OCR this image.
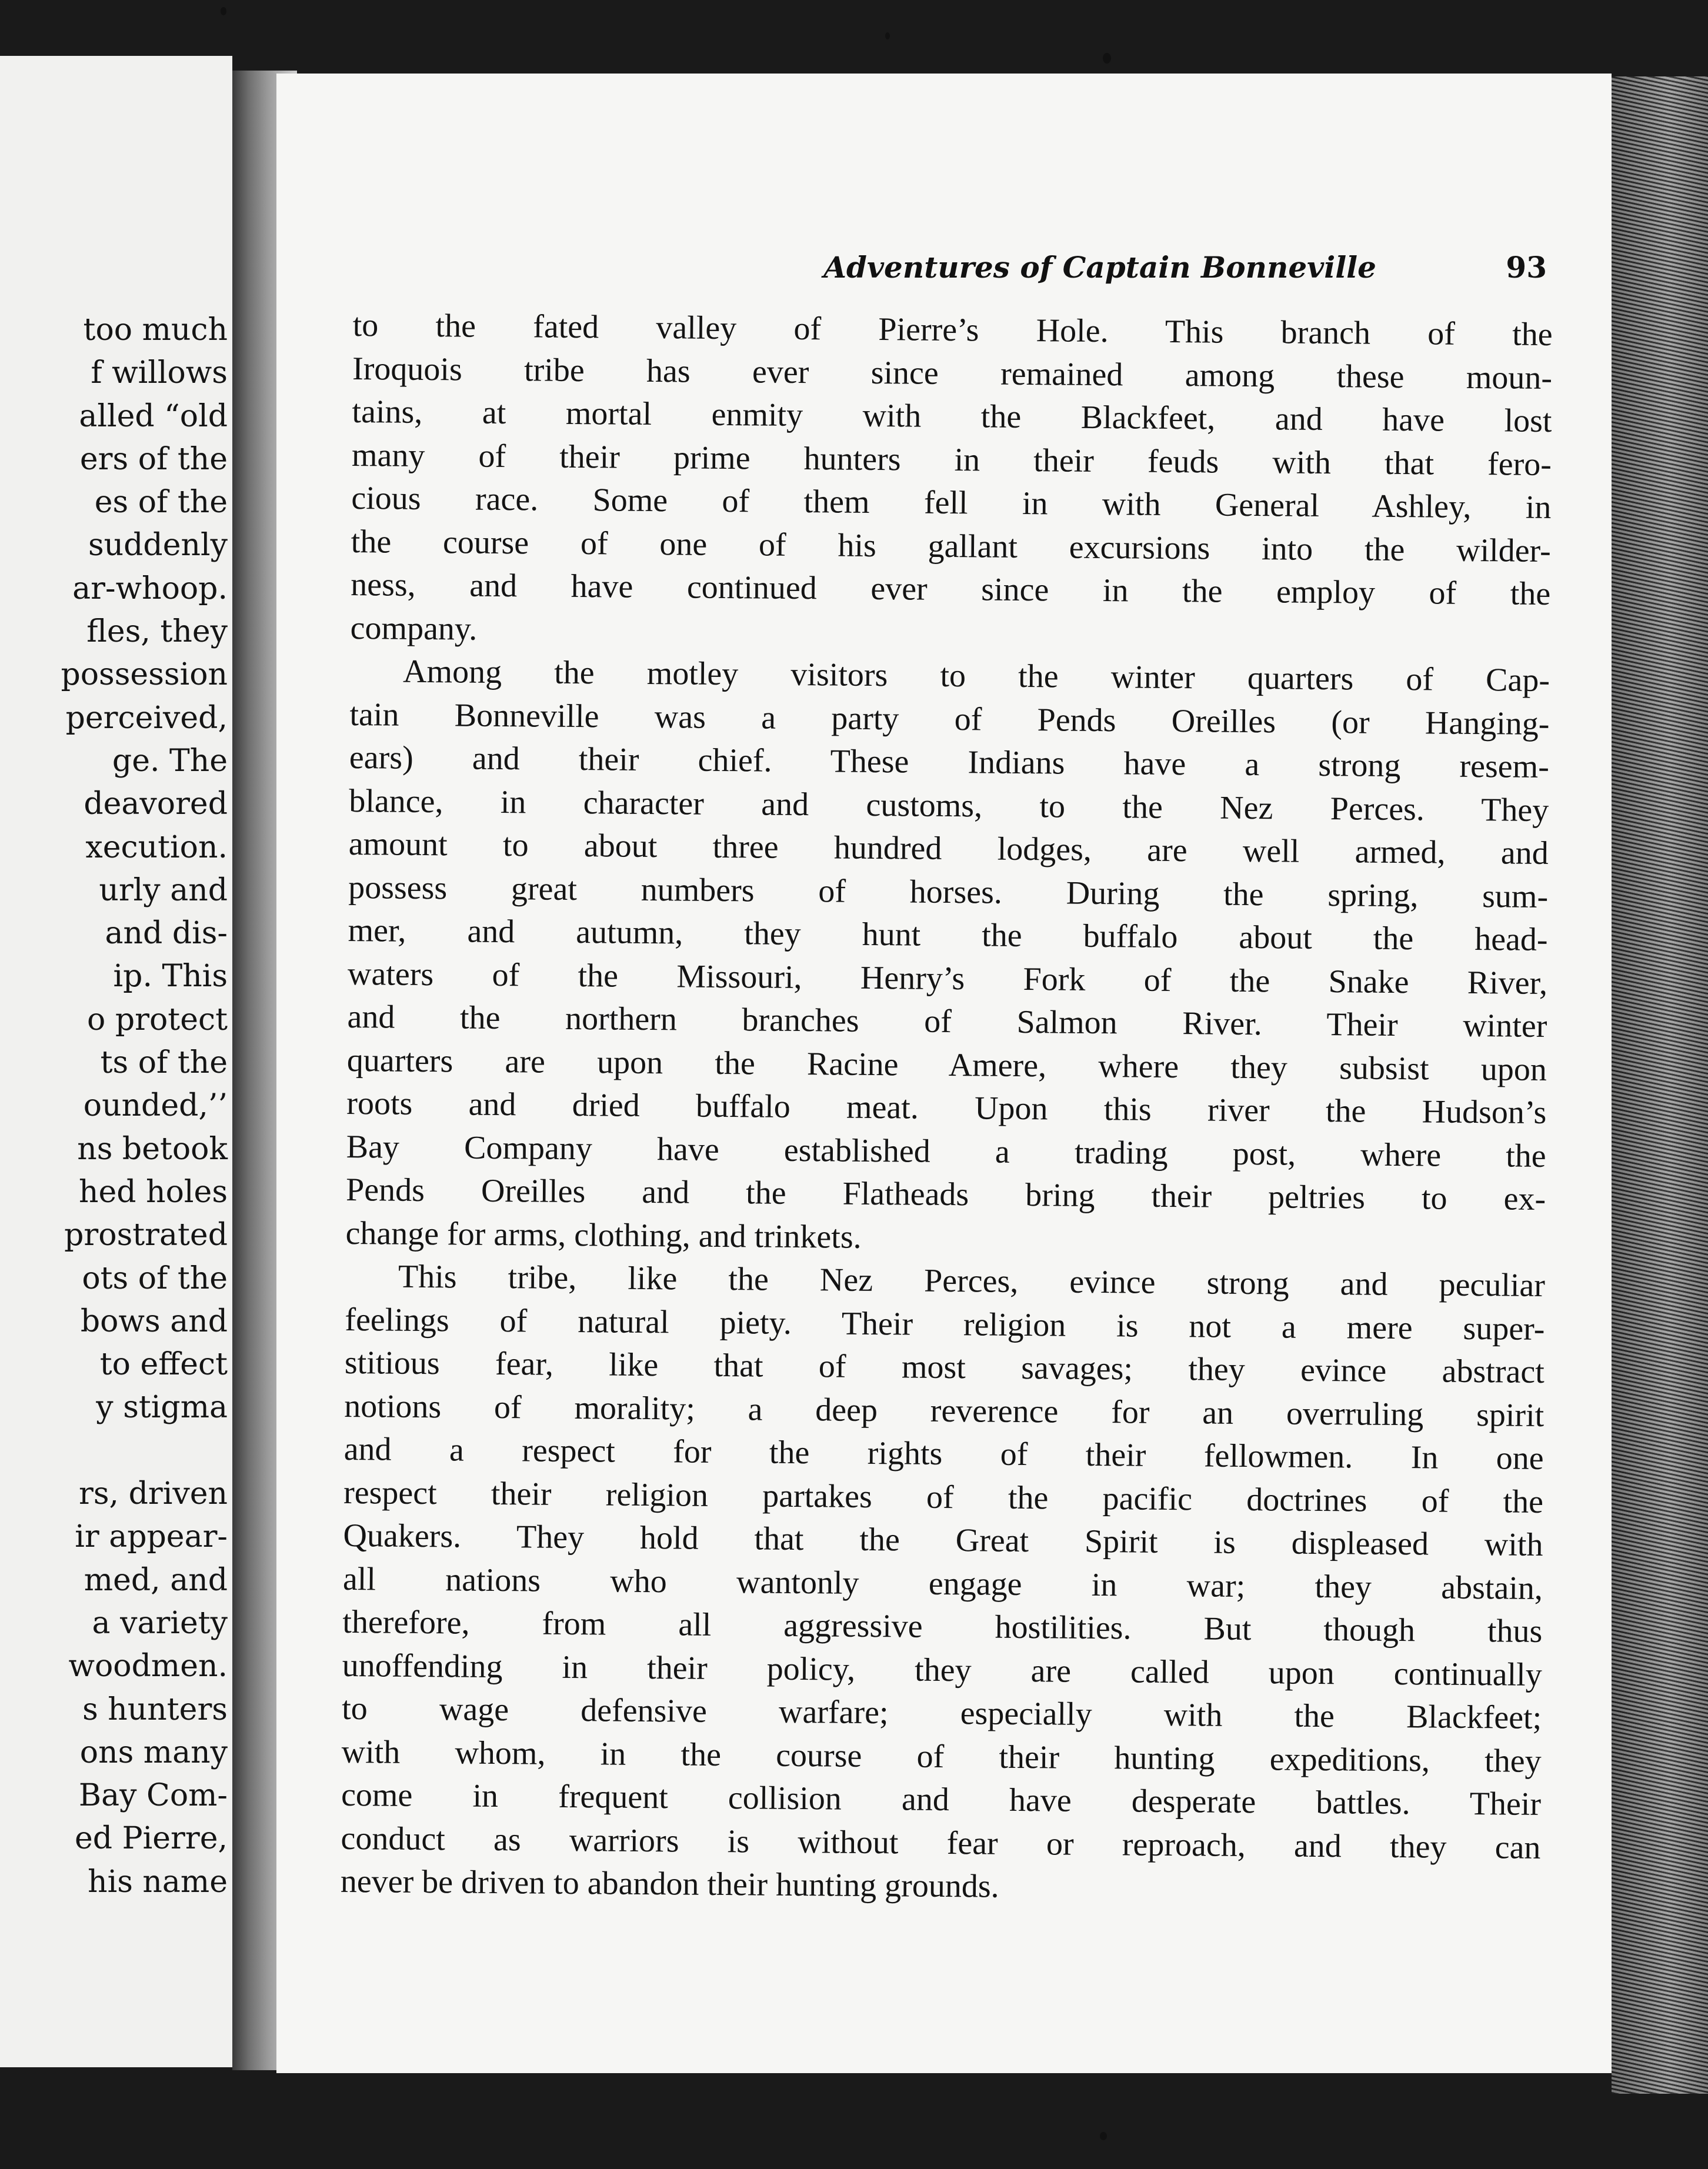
too much
f willows
alled “old
ers of the
es of the
suddenly
ar-whoop.
fles, they
possession
perceived,
ge. The
deavored
xecution.
urly and
and dis-
ip. This
o protect
ts of the
ounded,’’
ns betook
hed holes
prostrated
ots of the
bows and
to effect
y stigma

rs, driven
ir appear-
med, and
a variety
woodmen.
s hunters
ons many
Bay Com-
ed Pierre,
his name
Adventures of Captain Bonneville	93

to the fated valley of Pierre’s Hole. This branch of the
Iroquois tribe has ever since remained among these moun-
tains, at mortal enmity with the Blackfeet, and have lost
many of their prime hunters in their feuds with that fero-
cious race. Some of them fell in with General Ashley, in
the course of one of his gallant excursions into the wilder-
ness, and have continued ever since in the employ of the
company.

Among the motley visitors to the winter quarters of Cap-
tain Bonneville was a party of Pends Oreilles (or Hanging-
ears) and their chief. These Indians have a strong resem-
blance, in character and customs, to the Nez Perces. They
amount to about three hundred lodges, are well armed, and
possess great numbers of horses. During the spring, sum-
mer, and autumn, they hunt the buffalo about the head-
waters of the Missouri, Henry’s Fork of the Snake River,
and the northern branches of Salmon River. Their winter
quarters are upon the Racine Amere, where they subsist upon
roots and dried buffalo meat. Upon this river the Hudson’s
Bay Company have established a trading post, where the
Pends Oreilles and the Flatheads bring their peltries to ex-
change for arms, clothing, and trinkets.

This tribe, like the Nez Perces, evince strong and peculiar
feelings of natural piety. Their religion is not a mere super-
stitious fear, like that of most savages; they evince abstract
notions of morality; a deep reverence for an overruling spirit
and a respect for the rights of their fellowmen. In one
respect their religion partakes of the pacific doctrines of the
Quakers. They hold that the Great Spirit is displeased with
all nations who wantonly engage in war; they abstain,
therefore, from all aggressive hostilities. But though thus
unoffending in their policy, they are called upon continually
to wage defensive warfare; especially with the Blackfeet;
with whom, in the course of their hunting expeditions, they
come in frequent collision and have desperate battles. Their
conduct as warriors is without fear or reproach, and they can
never be driven to abandon their hunting grounds.
